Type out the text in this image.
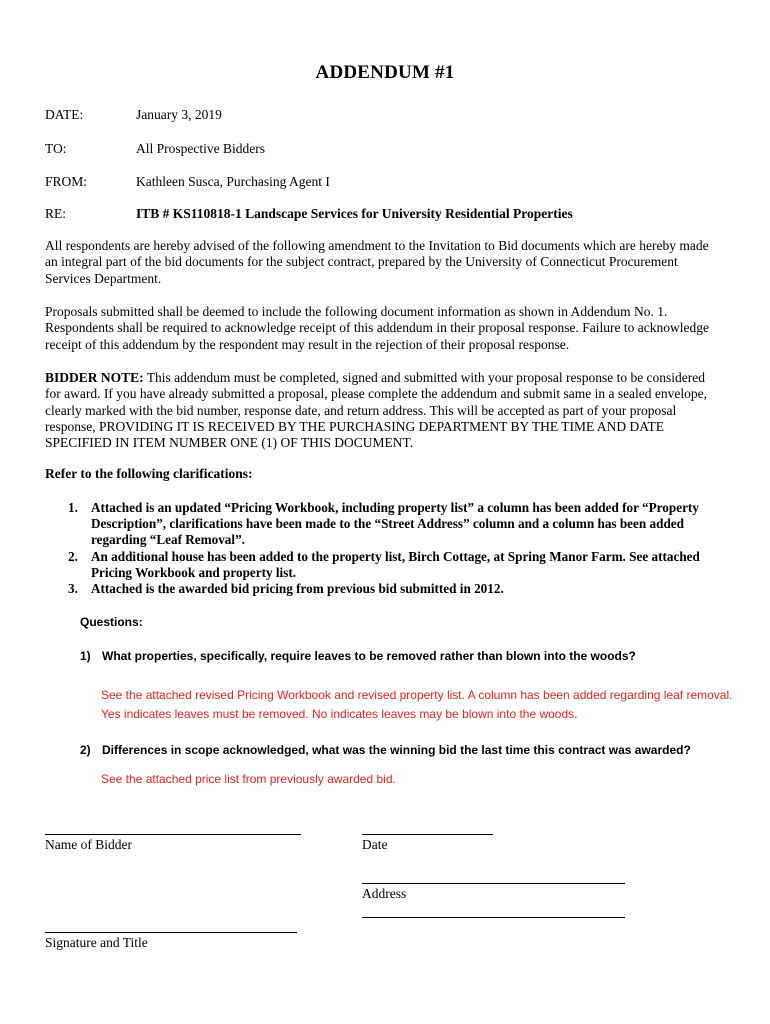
ADDENDUM #1
DATE:	January 3, 2019
TO:	All Prospective Bidders
FROM:	Kathleen Susca, Purchasing Agent I
RE:	ITB # KS110818-1 Landscape Services for University Residential Properties
All respondents are hereby advised of the following amendment to the Invitation to Bid documents which are hereby made an integral part of the bid documents for the subject contract, prepared by the University of Connecticut Procurement Services Department.
Proposals submitted shall be deemed to include the following document information as shown in Addendum No. 1. Respondents shall be required to acknowledge receipt of this addendum in their proposal response. Failure to acknowledge receipt of this addendum by the respondent may result in the rejection of their proposal response.
BIDDER NOTE: This addendum must be completed, signed and submitted with your proposal response to be considered for award. If you have already submitted a proposal, please complete the addendum and submit same in a sealed envelope, clearly marked with the bid number, response date, and return address. This will be accepted as part of your proposal response, PROVIDING IT IS RECEIVED BY THE PURCHASING DEPARTMENT BY THE TIME AND DATE SPECIFIED IN ITEM NUMBER ONE (1) OF THIS DOCUMENT.
Refer to the following clarifications:
1. Attached is an updated “Pricing Workbook, including property list” a column has been added for “Property Description”, clarifications have been made to the “Street Address” column and a column has been added regarding “Leaf Removal”.
2. An additional house has been added to the property list, Birch Cottage, at Spring Manor Farm. See attached Pricing Workbook and property list.
3. Attached is the awarded bid pricing from previous bid submitted in 2012.
Questions:
1) What properties, specifically, require leaves to be removed rather than blown into the woods?
See the attached revised Pricing Workbook and revised property list. A column has been added regarding leaf removal. Yes indicates leaves must be removed. No indicates leaves may be blown into the woods.
2) Differences in scope acknowledged, what was the winning bid the last time this contract was awarded?
See the attached price list from previously awarded bid.
Name of Bidder	Date
Address
Signature and Title
